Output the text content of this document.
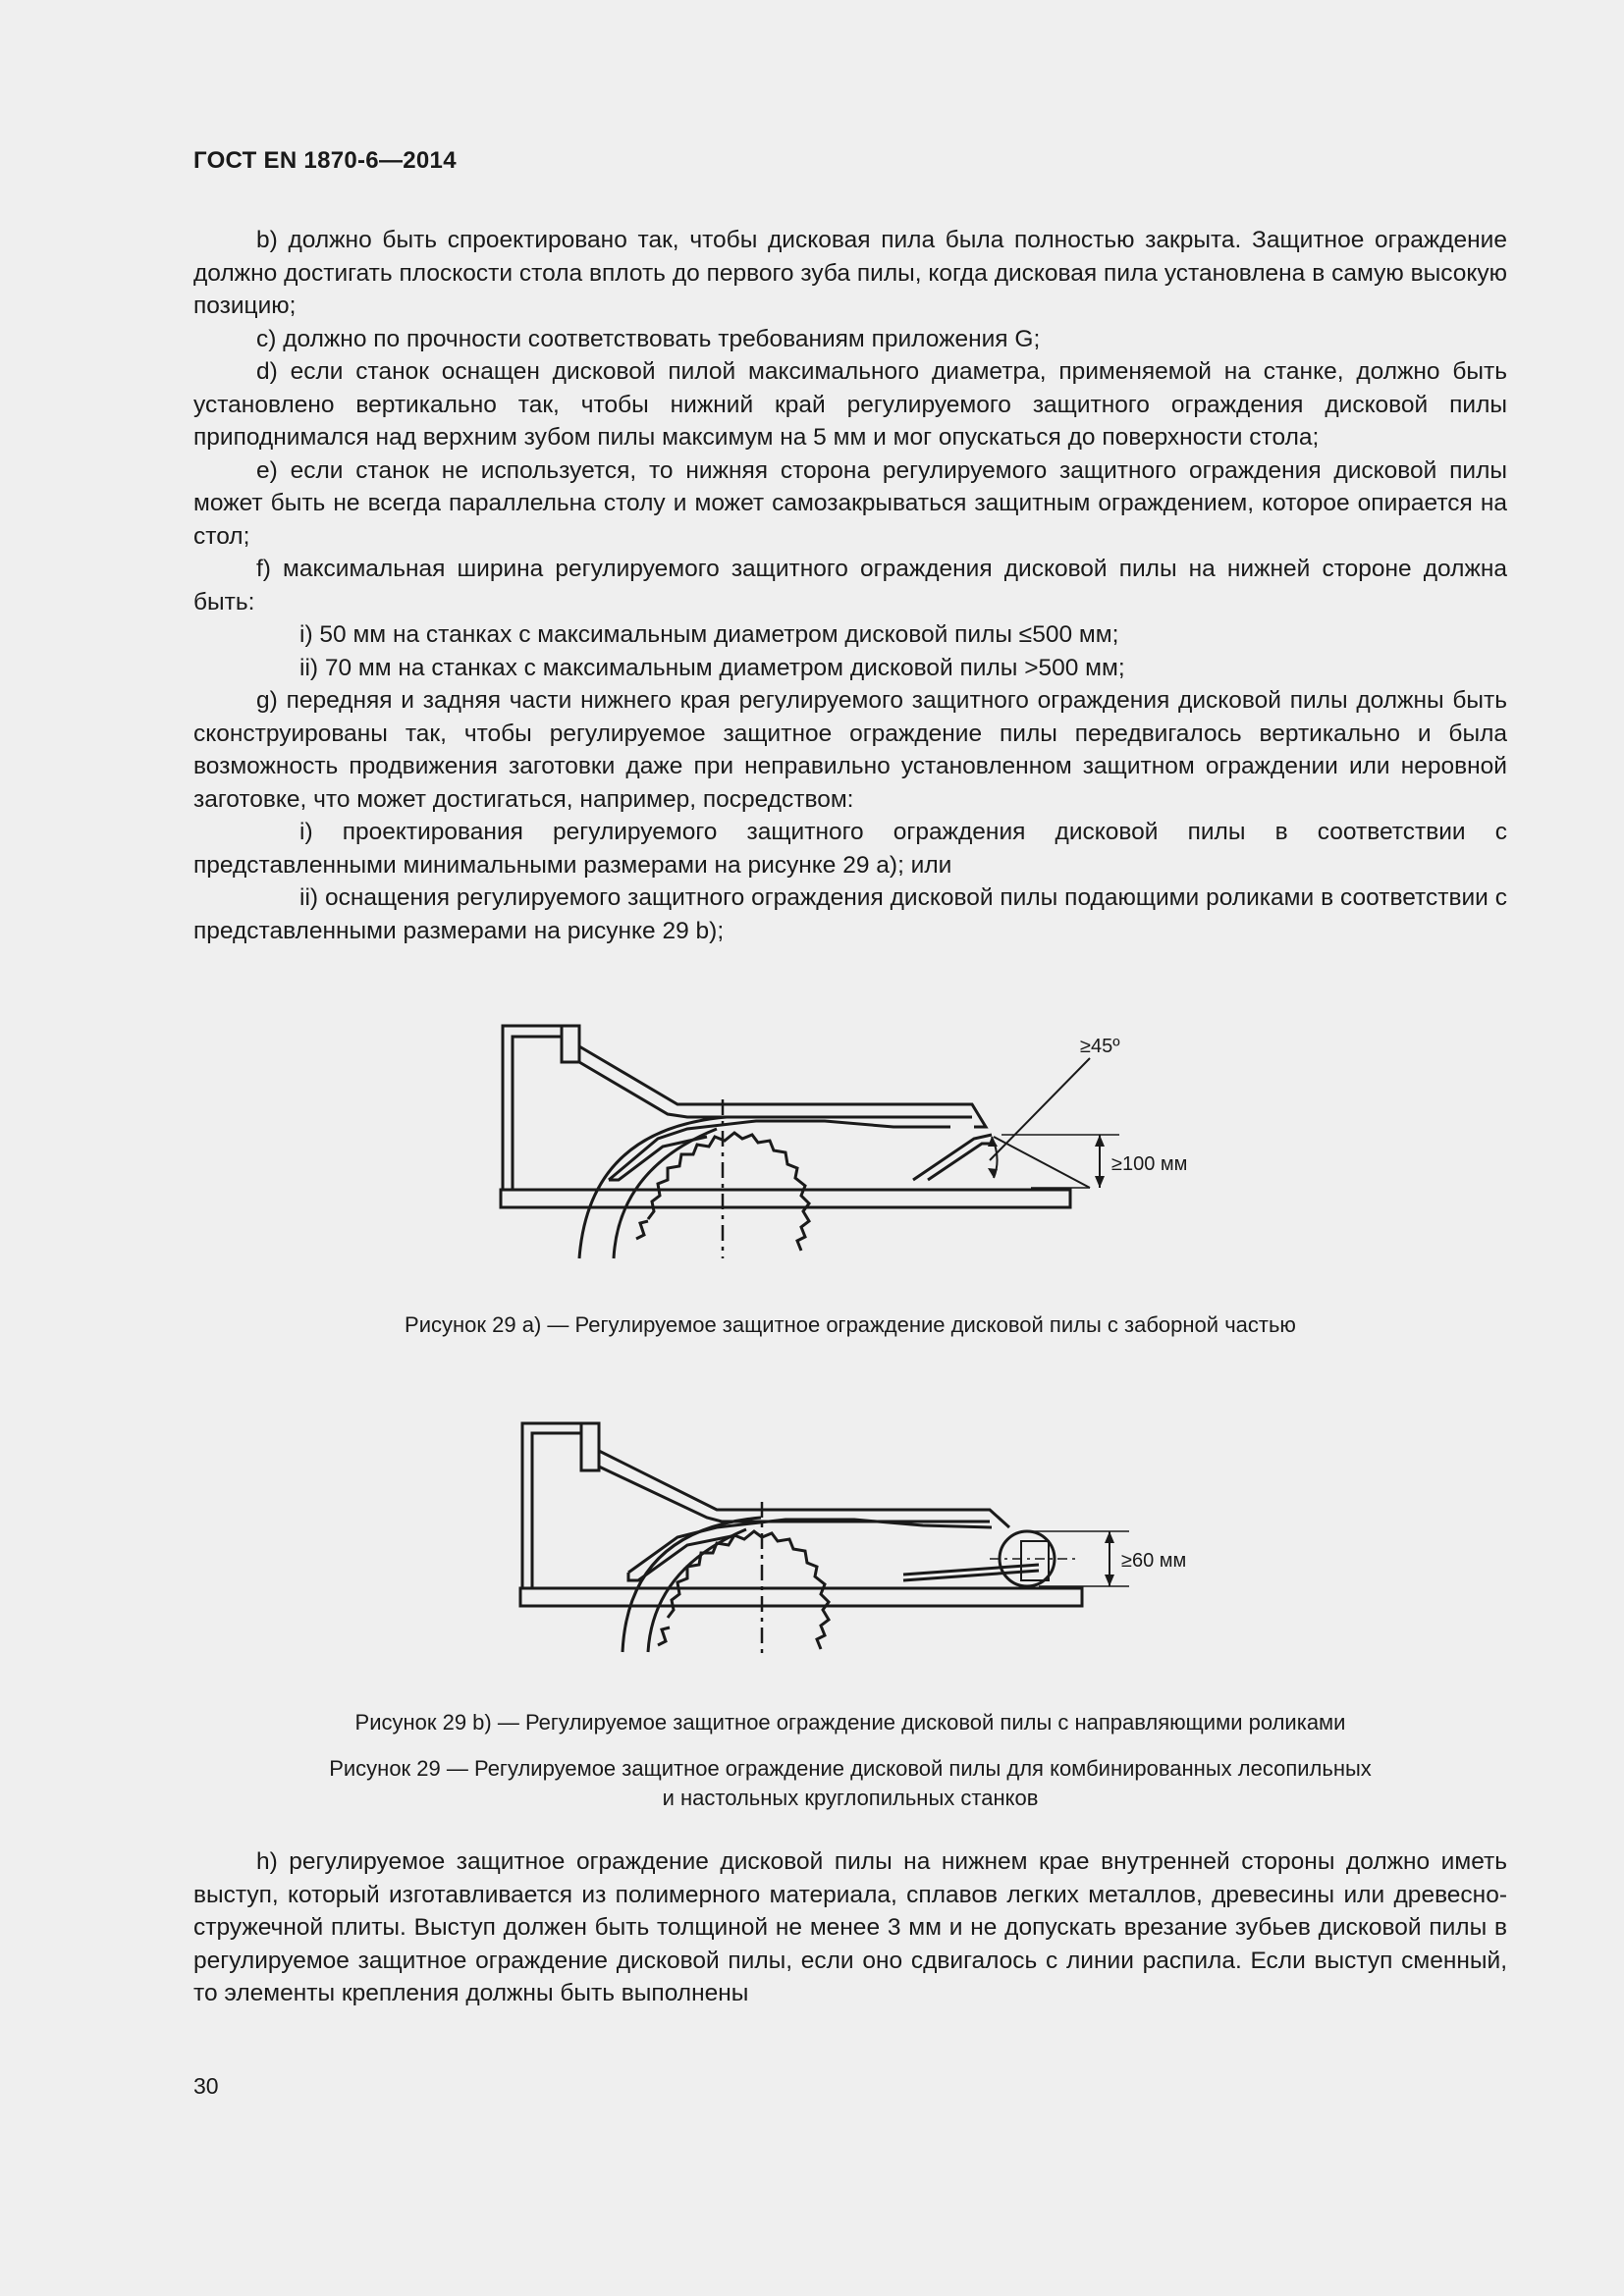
ГОСТ EN 1870-6—2014

b) должно быть спроектировано так, чтобы дисковая пила была полностью закрыта. Защитное ограждение должно достигать плоскости стола вплоть до первого зуба пилы, когда дисковая пила установлена в самую высокую позицию;

c) должно по прочности соответствовать требованиям приложения G;

d) если станок оснащен дисковой пилой максимального диаметра, применяемой на станке, должно быть установлено вертикально так, чтобы нижний край регулируемого защитного ограждения дисковой пилы приподнимался над верхним зубом пилы максимум на 5 мм и мог опускаться до поверхности стола;

e) если станок не используется, то нижняя сторона регулируемого защитного ограждения дисковой пилы может быть не всегда параллельна столу и может самозакрываться защитным ограждением, которое опирается на стол;

f) максимальная ширина регулируемого защитного ограждения дисковой пилы на нижней стороне должна быть:

i) 50 мм на станках с максимальным диаметром дисковой пилы ≤500 мм;

ii) 70 мм на станках с максимальным диаметром дисковой пилы >500 мм;

g) передняя и задняя части нижнего края регулируемого защитного ограждения дисковой пилы должны быть сконструированы так, чтобы регулируемое защитное ограждение пилы передвигалось вертикально и была возможность продвижения заготовки даже при неправильно установленном защитном ограждении или неровной заготовке, что может достигаться, например, посредством:

i) проектирования регулируемого защитного ограждения дисковой пилы в соответствии с представленными минимальными размерами на рисунке 29 a); или

ii) оснащения регулируемого защитного ограждения дисковой пилы подающими роликами в соответствии с представленными размерами на рисунке 29 b);

≥45º
≥100 мм
Рисунок 29 a) — Регулируемое защитное ограждение дисковой пилы с заборной частью
≥60 мм
Рисунок 29 b) — Регулируемое защитное ограждение дисковой пилы с направляющими роликами
Рисунок 29 — Регулируемое защитное ограждение дисковой пилы для комбинированных лесопильных
и настольных круглопильных станков

h) регулируемое защитное ограждение дисковой пилы на нижнем крае внутренней стороны должно иметь выступ, который изготавливается из полимерного материала, сплавов легких металлов, древесины или древесно-стружечной плиты. Выступ должен быть толщиной не менее 3 мм и не допускать врезание зубьев дисковой пилы в регулируемое защитное ограждение дисковой пилы, если оно сдвигалось с линии распила. Если выступ сменный, то элементы крепления должны быть выполнены

30
